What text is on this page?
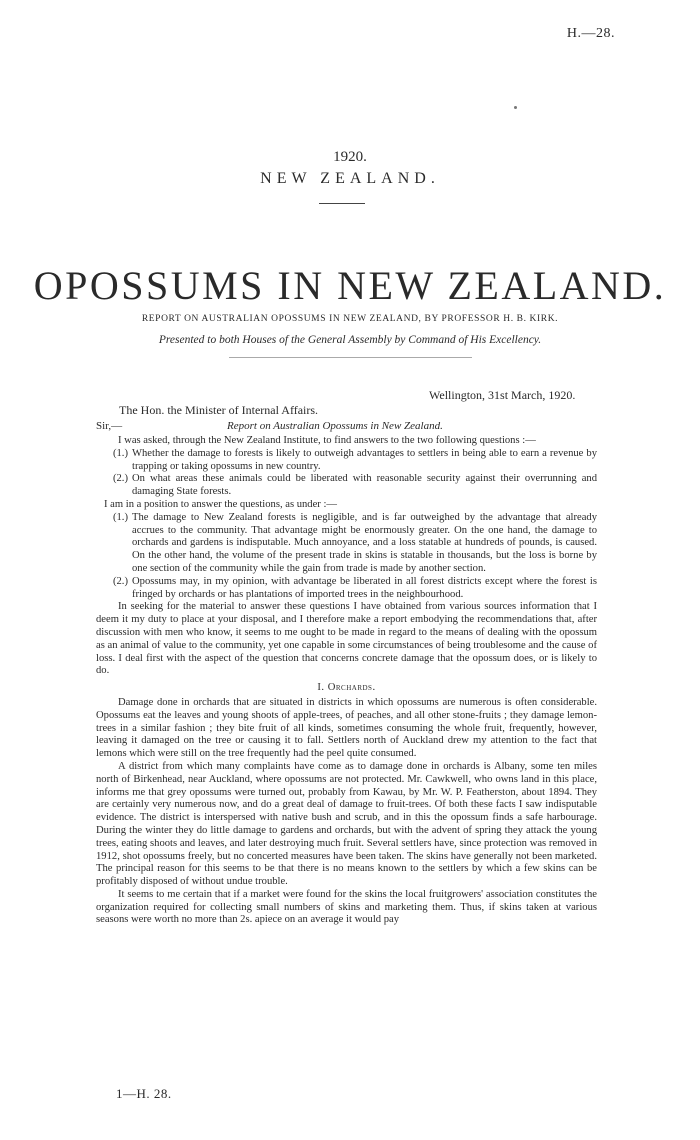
H.—28.
1920.
NEW ZEALAND.
OPOSSUMS IN NEW ZEALAND.
REPORT ON AUSTRALIAN OPOSSUMS IN NEW ZEALAND, BY PROFESSOR H. B. KIRK.
Presented to both Houses of the General Assembly by Command of His Excellency.
Wellington, 31st March, 1920.
The Hon. the Minister of Internal Affairs.
Sir,—	Report on Australian Opossums in New Zealand.

I was asked, through the New Zealand Institute, to find answers to the two following questions :—

(1.) Whether the damage to forests is likely to outweigh advantages to settlers in being able to earn a revenue by trapping or taking opossums in new country.
(2.) On what areas these animals could be liberated with reasonable security against their overrunning and damaging State forests.

I am in a position to answer the questions, as under :—

(1.) The damage to New Zealand forests is negligible, and is far outweighed by the advantage that already accrues to the community. That advantage might be enormously greater. On the one hand, the damage to orchards and gardens is indisputable. Much annoyance, and a loss statable at hundreds of pounds, is caused. On the other hand, the volume of the present trade in skins is statable in thousands, but the loss is borne by one section of the community while the gain from trade is made by another section.
(2.) Opossums may, in my opinion, with advantage be liberated in all forest districts except where the forest is fringed by orchards or has plantations of imported trees in the neighbourhood.

In seeking for the material to answer these questions I have obtained from various sources information that I deem it my duty to place at your disposal, and I therefore make a report embodying the recommendations that, after discussion with men who know, it seems to me ought to be made in regard to the means of dealing with the opossum as an animal of value to the community, yet one capable in some circumstances of being troublesome and the cause of loss. I deal first with the aspect of the question that concerns concrete damage that the opossum does, or is likely to do.

I. Orchards.

Damage done in orchards that are situated in districts in which opossums are numerous is often considerable. Opossums eat the leaves and young shoots of apple-trees, of peaches, and all other stone-fruits ; they damage lemon-trees in a similar fashion ; they bite fruit of all kinds, sometimes consuming the whole fruit, frequently, however, leaving it damaged on the tree or causing it to fall. Settlers north of Auckland drew my attention to the fact that lemons which were still on the tree frequently had the peel quite consumed.

A district from which many complaints have come as to damage done in orchards is Albany, some ten miles north of Birkenhead, near Auckland, where opossums are not protected. Mr. Cawkwell, who owns land in this place, informs me that grey opossums were turned out, probably from Kawau, by Mr. W. P. Featherston, about 1894. They are certainly very numerous now, and do a great deal of damage to fruit-trees. Of both these facts I saw indisputable evidence. The district is interspersed with native bush and scrub, and in this the opossum finds a safe harbourage. During the winter they do little damage to gardens and orchards, but with the advent of spring they attack the young trees, eating shoots and leaves, and later destroying much fruit. Several settlers have, since protection was removed in 1912, shot opossums freely, but no concerted measures have been taken. The skins have generally not been marketed. The principal reason for this seems to be that there is no means known to the settlers by which a few skins can be profitably disposed of without undue trouble.

It seems to me certain that if a market were found for the skins the local fruitgrowers' association constitutes the organization required for collecting small numbers of skins and marketing them. Thus, if skins taken at various seasons were worth no more than 2s. apiece on an average it would pay

1—H. 28.
